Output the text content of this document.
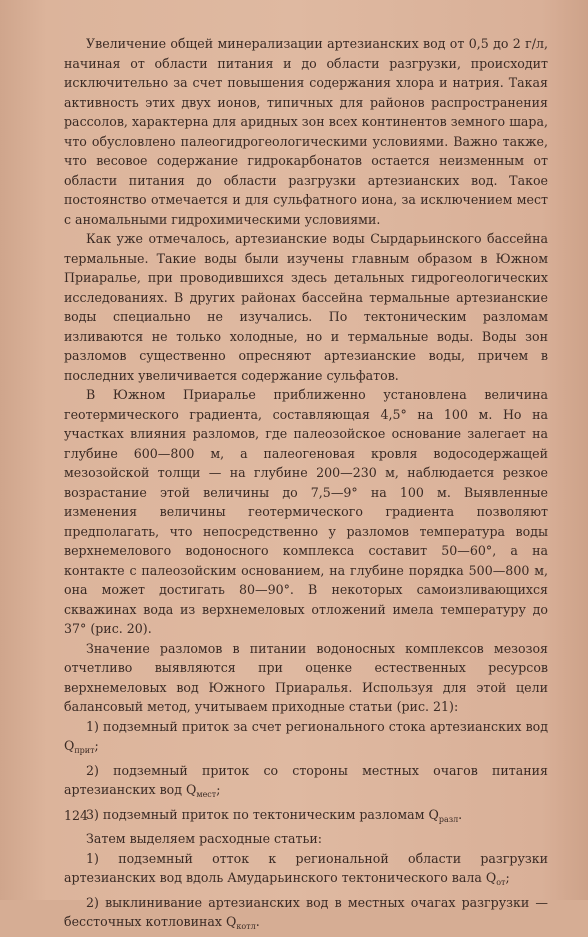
Увеличение общей минерализации артезианских вод от 0,5 до 2 г/л, начиная от области питания и до области разгрузки, происходит исключительно за счет повышения содержания хлора и натрия. Такая активность этих двух ионов, типичных для районов распространения рассолов, характерна для аридных зон всех континентов земного шара, что обусловлено палеогидрогеологическими условиями. Важно также, что весовое содержание гидрокарбонатов остается неизменным от области питания до области разгрузки артезианских вод. Такое постоянство отмечается и для сульфатного иона, за исключением мест с аномальными гидрохимическими условиями.

Как уже отмечалось, артезианские воды Сырдарьинского бассейна термальные. Такие воды были изучены главным образом в Южном Приаралье, при проводившихся здесь детальных гидрогеологических исследованиях. В других районах бассейна термальные артезианские воды специально не изучались. По тектоническим разломам изливаются не только холодные, но и термальные воды. Воды зон разломов существенно опресняют артезианские воды, причем в последних увеличивается содержание сульфатов.

В Южном Приаралье приближенно установлена величина геотермического градиента, составляющая 4,5° на 100 м. Но на участках влияния разломов, где палеозойское основание залегает на глубине 600—800 м, а палеогеновая кровля водосодержащей мезозойской толщи — на глубине 200—230 м, наблюдается резкое возрастание этой величины до 7,5—9° на 100 м. Выявленные изменения величины геотермического градиента позволяют предполагать, что непосредственно у разломов температура воды верхнемелового водоносного комплекса составит 50—60°, а на контакте с палеозойским основанием, на глубине порядка 500—800 м, она может достигать 80—90°. В некоторых самоизливающихся скважинах вода из верхнемеловых отложений имела температуру до 37° (рис. 20).

Значение разломов в питании водоносных комплексов мезозоя отчетливо выявляются при оценке естественных ресурсов верхнемеловых вод Южного Приаралья. Используя для этой цели балансовый метод, учитываем приходные статьи (рис. 21):

1) подземный приток за счет регионального стока артезианских вод $Q_{прит}$;

2) подземный приток со стороны местных очагов питания артезианских вод $Q_{мест}$;

3) подземный приток по тектоническим разломам $Q_{разл}$.

Затем выделяем расходные статьи:

1) подземный отток к региональной области разгрузки артезианских вод вдоль Амударьинского тектонического вала $Q_{от}$;

2) выклинивание артезианских вод в местных очагах разгрузки — бессточных котловинах $Q_{котл}$.

124
